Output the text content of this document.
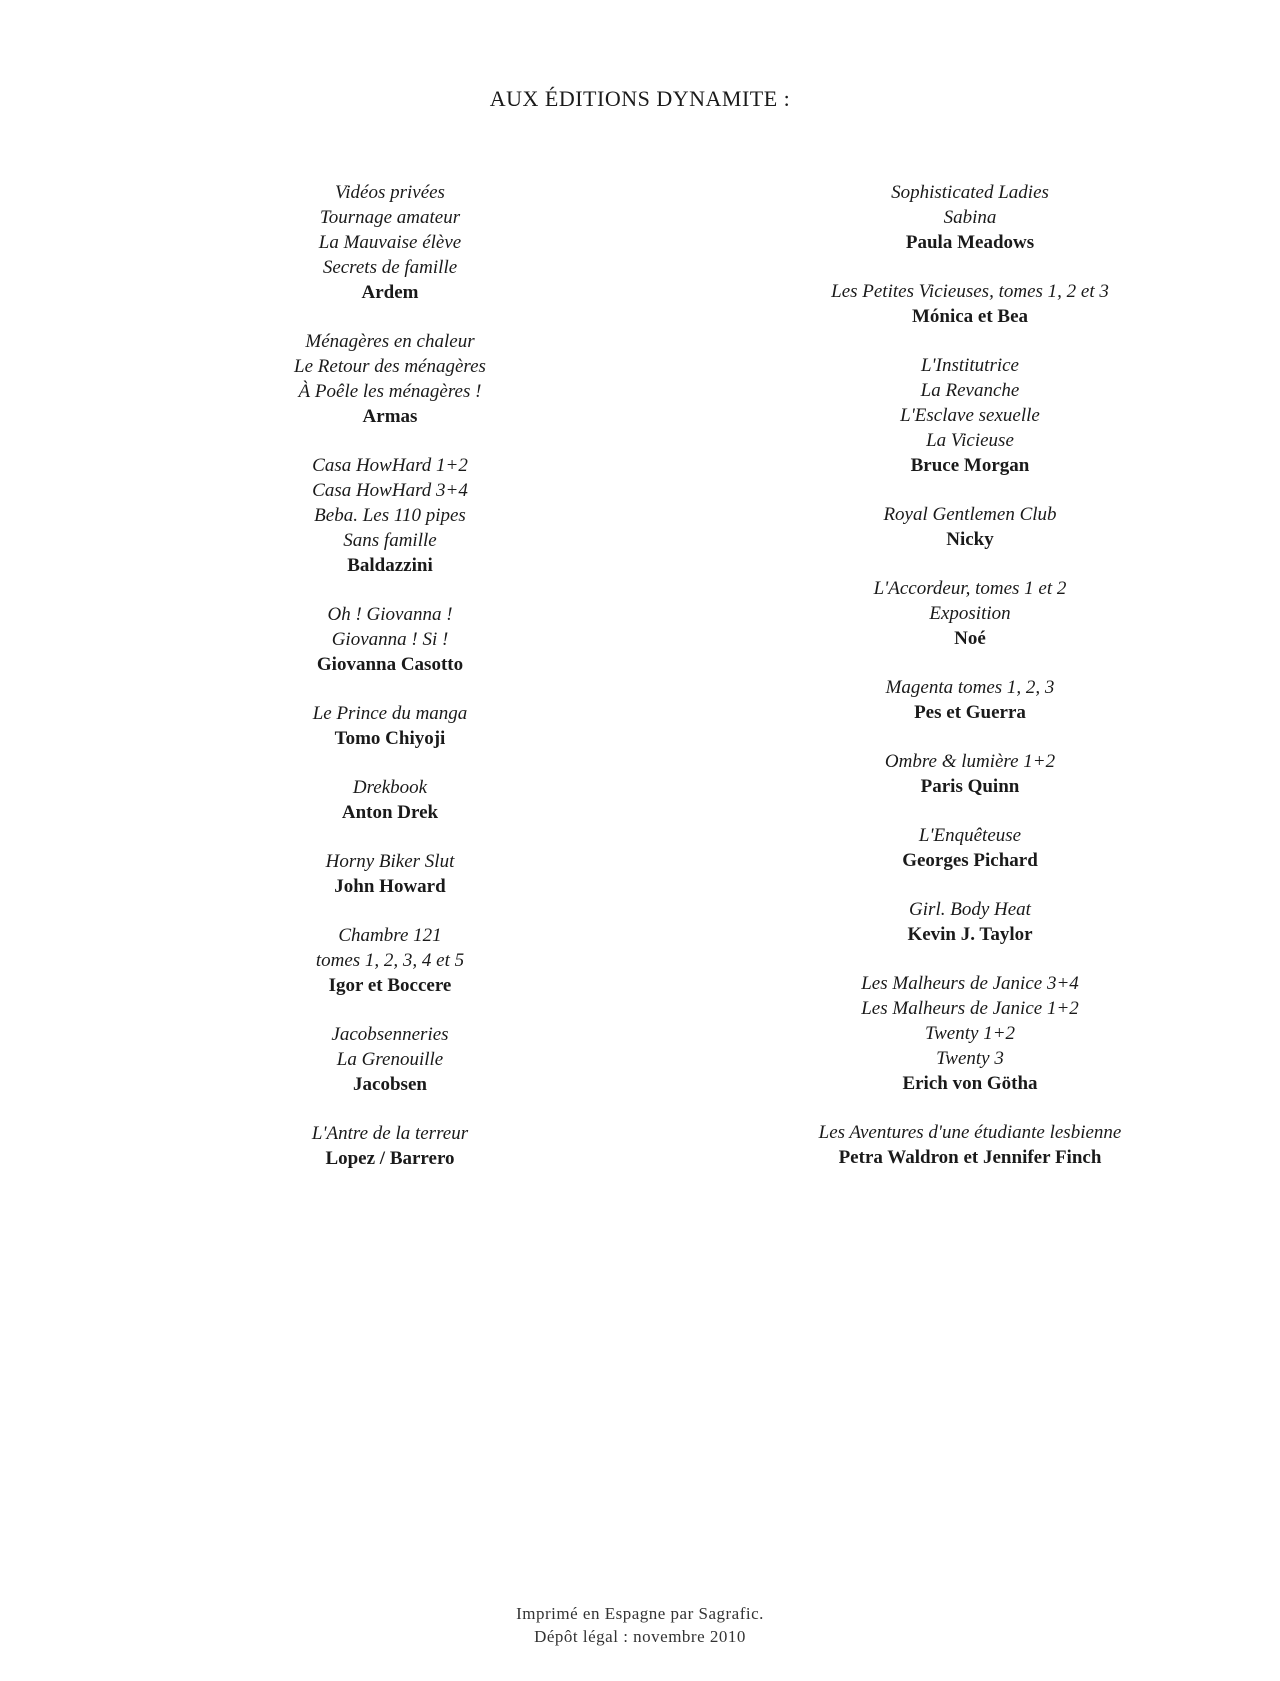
AUX ÉDITIONS DYNAMITE :
Vidéos privées
Tournage amateur
La Mauvaise élève
Secrets de famille
Ardem
Ménagères en chaleur
Le Retour des ménagères
À Poêle les ménagères !
Armas
Casa HowHard 1+2
Casa HowHard 3+4
Beba. Les 110 pipes
Sans famille
Baldazzini
Oh ! Giovanna !
Giovanna ! Si !
Giovanna Casotto
Le Prince du manga
Tomo Chiyoji
Drekbook
Anton Drek
Horny Biker Slut
John Howard
Chambre 121
tomes 1, 2, 3, 4 et 5
Igor et Boccere
Jacobsenneries
La Grenouille
Jacobsen
L'Antre de la terreur
Lopez / Barrero
Sophisticated Ladies
Sabina
Paula Meadows
Les Petites Vicieuses, tomes 1, 2 et 3
Mónica et Bea
L'Institutrice
La Revanche
L'Esclave sexuelle
La Vicieuse
Bruce Morgan
Royal Gentlemen Club
Nicky
L'Accordeur, tomes 1 et 2
Exposition
Noé
Magenta tomes 1, 2, 3
Pes et Guerra
Ombre & lumière 1+2
Paris Quinn
L'Enquêteuse
Georges Pichard
Girl. Body Heat
Kevin J. Taylor
Les Malheurs de Janice 3+4
Les Malheurs de Janice 1+2
Twenty 1+2
Twenty 3
Erich von Götha
Les Aventures d'une étudiante lesbienne
Petra Waldron et Jennifer Finch
Imprimé en Espagne par Sagrafic.
Dépôt légal : novembre 2010
